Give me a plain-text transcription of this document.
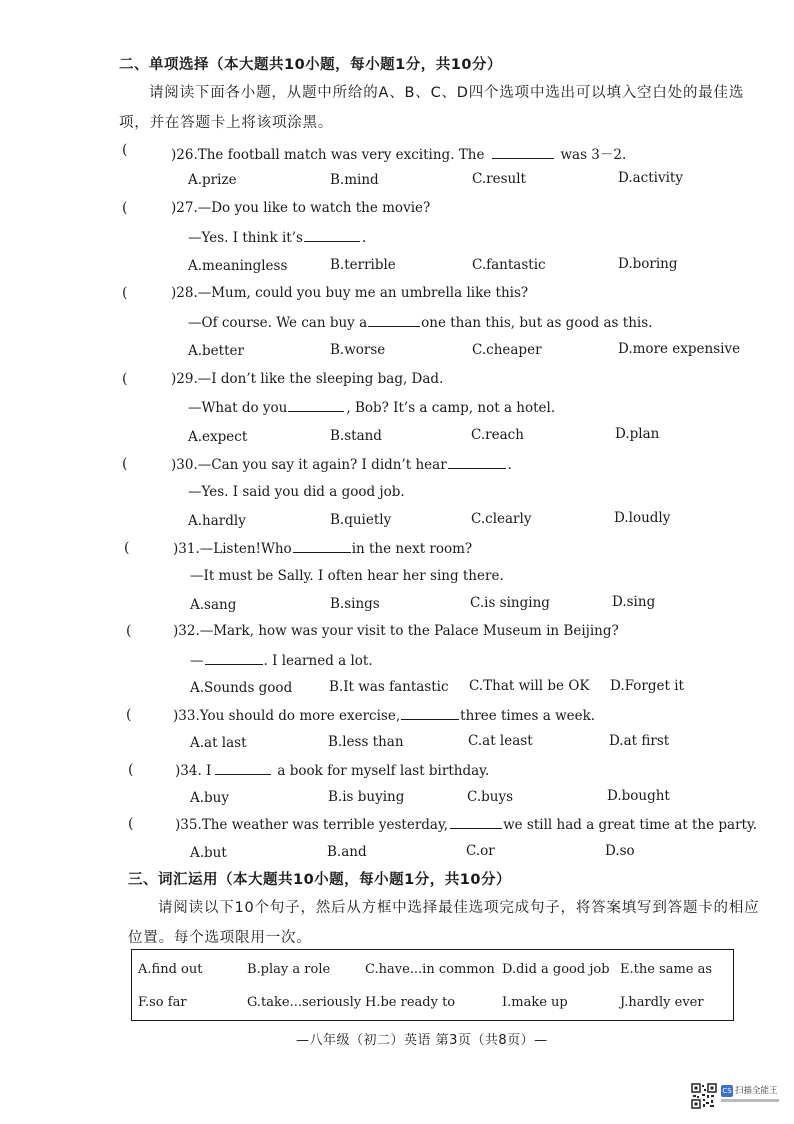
二、单项选择（本大题共10小题，每小题1分，共10分）
请阅读下面各小题，从题中所给的A、B、C、D四个选项中选出可以填入空白处的最佳选
项，并在答题卡上将该项涂黑。
(	)26.The football match was very exciting. The	was 3－2.
A.prize	B.mind	C.result	D.activity
(	)27.—Do you like to watch the movie?
—Yes. I think it’s	.
A.meaningless	B.terrible	C.fantastic	D.boring
(	)28.—Mum, could you buy me an umbrella like this?
—Of course. We can buy a	one than this, but as good as this.
A.better	B.worse	C.cheaper	D.more expensive
(	)29.—I don’t like the sleeping bag, Dad.
—What do you	, Bob? It’s a camp, not a hotel.
A.expect	B.stand	C.reach	D.plan
(	)30.—Can you say it again? I didn’t hear	.
—Yes. I said you did a good job.
A.hardly	B.quietly	C.clearly	D.loudly
(	)31.—Listen!Who	in the next room?
—It must be Sally. I often hear her sing there.
A.sang	B.sings	C.is singing	D.sing
(	)32.—Mark, how was your visit to the Palace Museum in Beijing?
—	. I learned a lot.
A.Sounds good	B.It was fantastic C.That will be OK D.Forget it
(	)33.You should do more exercise,	three times a week.
A.at last	B.less than	C.at least	D.at first
(	)34. I	a book for myself last birthday.
A.buy	B.is buying	C.buys	D.bought
(	)35.The weather was terrible yesterday,	we still had a great time at the party.
A.but	B.and	C.or	D.so
三、词汇运用（本大题共10小题，每小题1分，共10分）
请阅读以下10个句子，然后从方框中选择最佳选项完成句子，将答案填写到答题卡的相应
位置。每个选项限用一次。
A.find out	B.play a role	C.have...in common D.did a good job E.the same as
F.so far	G.take...seriously H.be ready to	I.make up	J.hardly ever
—八年级（初二）英语 第3页（共8页）—
CS 扫描全能王
